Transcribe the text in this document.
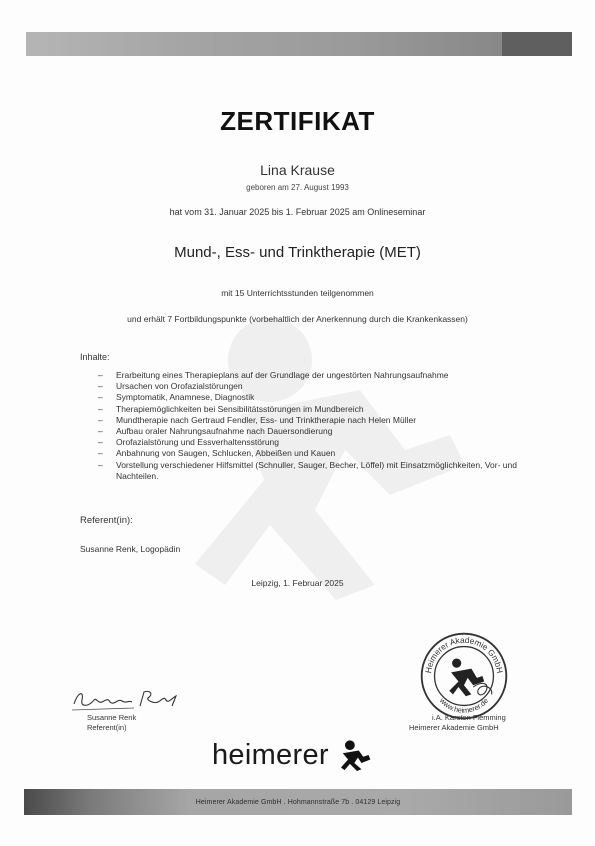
ZERTIFIKAT
Lina Krause
geboren am 27. August 1993
hat vom 31. Januar 2025 bis 1. Februar 2025 am Onlineseminar
Mund-, Ess- und Trinktherapie (MET)
mit 15 Unterrichtsstunden teilgenommen
und erhält 7 Fortbildungspunkte (vorbehaltlich der Anerkennung durch die Krankenkassen)
Inhalte:
–	Erarbeitung eines Therapieplans auf der Grundlage der ungestörten Nahrungsaufnahme
–	Ursachen von Orofazialstörungen
–	Symptomatik, Anamnese, Diagnostik
–	Therapiemöglichkeiten bei Sensibilitätsstörungen im Mundbereich
–	Mundtherapie nach Gertraud Fendler, Ess- und Trinktherapie nach Helen Müller
–	Aufbau oraler Nahrungsaufnahme nach Dauersondierung
–	Orofazialstörung und Essverhaltensstörung
–	Anbahnung von Saugen, Schlucken, Abbeißen und Kauen
–	Vorstellung verschiedener Hilfsmittel (Schnuller, Sauger, Becher, Löffel) mit Einsatzmöglichkeiten, Vor- und Nachteilen.
Referent(in):
Susanne Renk, Logopädin
Leipzig, 1. Februar 2025
Susanne Renk
Referent(in)
Heimerer Akademie GmbH
www.heimerer.de
i.A. Karsten Flemming
Heimerer Akademie GmbH
heimerer
Heimerer Akademie GmbH . Hohmannstraße 7b . 04129 Leipzig
